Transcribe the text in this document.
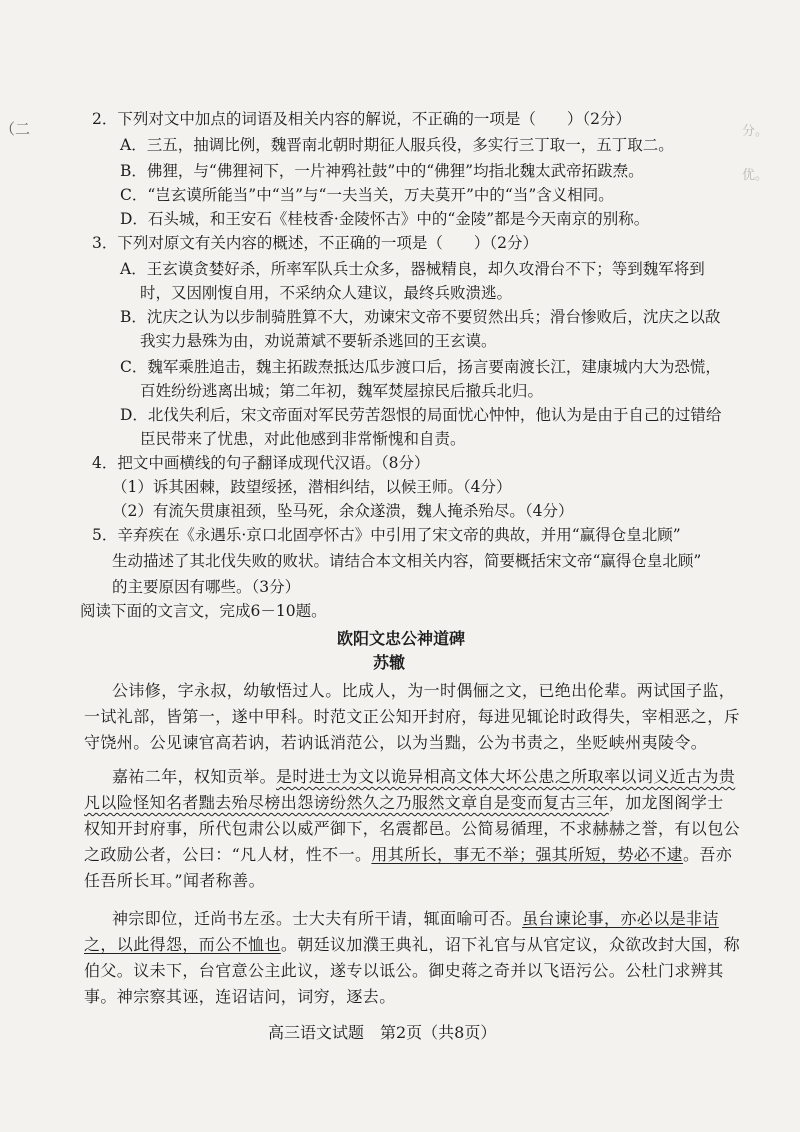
（二	分。
优。
2．下列对文中加点的词语及相关内容的解说，不正确的一项是（　　）（2分）
A．三五，抽调比例，魏晋南北朝时期征人服兵役，多实行三丁取一，五丁取二。
B．佛狸，与“佛狸祠下，一片神鸦社鼓”中的“佛狸”均指北魏太武帝拓跋焘。
C．“岂玄谟所能当”中“当”与“一夫当关，万夫莫开”中的“当”含义相同。
D．石头城，和王安石《桂枝香·金陵怀古》中的“金陵”都是今天南京的别称。
3．下列对原文有关内容的概述，不正确的一项是（　　）（2分）
A．王玄谟贪婪好杀，所率军队兵士众多，器械精良，却久攻滑台不下；等到魏军将到
时，又因刚愎自用，不采纳众人建议，最终兵败溃逃。
B．沈庆之认为以步制骑胜算不大，劝谏宋文帝不要贸然出兵；滑台惨败后，沈庆之以敌
我实力悬殊为由，劝说萧斌不要斩杀逃回的王玄谟。
C．魏军乘胜追击，魏主拓跋焘抵达瓜步渡口后，扬言要南渡长江，建康城内大为恐慌，
百姓纷纷逃离出城；第二年初，魏军焚屋掠民后撤兵北归。
D．北伐失利后，宋文帝面对军民劳苦怨恨的局面忧心忡忡，他认为是由于自己的过错给
臣民带来了忧患，对此他感到非常惭愧和自责。
4．把文中画横线的句子翻译成现代汉语。（8分）
（1）诉其困棘，跂望绥拯，潜相纠结，以候王师。（4分）
（2）有流矢贯康祖颈，坠马死，余众遂溃，魏人掩杀殆尽。（4分）
5．辛弃疾在《永遇乐·京口北固亭怀古》中引用了宋文帝的典故，并用“赢得仓皇北顾”
生动描述了其北伐失败的败状。请结合本文相关内容，简要概括宋文帝“赢得仓皇北顾”
的主要原因有哪些。（3分）
阅读下面的文言文，完成6－10题。
欧阳文忠公神道碑
苏辙
公讳修，字永叔，幼敏悟过人。比成人，为一时偶俪之文，已绝出伦辈。两试国子监，
一试礼部，皆第一，遂中甲科。时范文正公知开封府，每进见辄论时政得失，宰相恶之，斥
守饶州。公见谏官高若讷，若讷诋消范公，以为当黜，公为书责之，坐贬峡州夷陵令。
嘉祐二年，权知贡举。是时进士为文以诡异相高文体大坏公患之所取率以词义近古为贵
凡以险怪知名者黜去殆尽榜出怨谤纷然久之乃服然文章自是变而复古三年，加龙图阁学士
权知开封府事，所代包肃公以威严御下，名震都邑。公简易循理，不求赫赫之誉，有以包公
之政励公者，公曰：“凡人材，性不一。用其所长，事无不举；强其所短，势必不逮。吾亦
任吾所长耳。”闻者称善。
神宗即位，迁尚书左丞。士大夫有所干请，辄面喻可否。虽台谏论事，亦必以是非诘
之，以此得怨，而公不恤也。朝廷议加濮王典礼，诏下礼官与从官定议，众欲改封大国，称
伯父。议未下，台官意公主此议，遂专以诋公。御史蒋之奇并以飞语污公。公杜门求辨其
事。神宗察其诬，连诏诘问，词穷，逐去。
高三语文试题　第2页（共8页）
